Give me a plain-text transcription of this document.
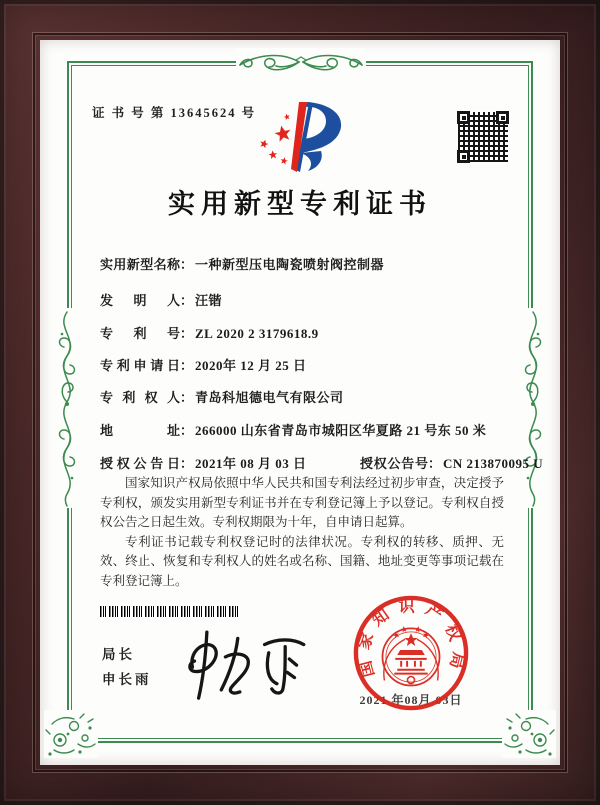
证 书 号 第 13645624 号
实用新型专利证书
实用新型名称： 一种新型压电陶瓷喷射阀控制器
发明人： 汪锴
专利号： ZL 2020 2 3179618.9
专利申请日： 2020年 12 月 25 日
专利权人： 青岛科旭德电气有限公司
地址： 266000 山东省青岛市城阳区华夏路 21 号东 50 米
授权公告日： 2021年 08 月 03 日	授权公告号： CN 213870095 U

国家知识产权局依照中华人民共和国专利法经过初步审查，决定授予专利权，颁发实用新型专利证书并在专利登记簿上予以登记。专利权自授权公告之日起生效。专利权期限为十年，自申请日起算。

专利证书记载专利权登记时的法律状况。专利权的转移、质押、无效、终止、恢复和专利权人的姓名或名称、国籍、地址变更等事项记载在专利登记簿上。

局长
申长雨
2021 年08月 03日
国家知识产权局
